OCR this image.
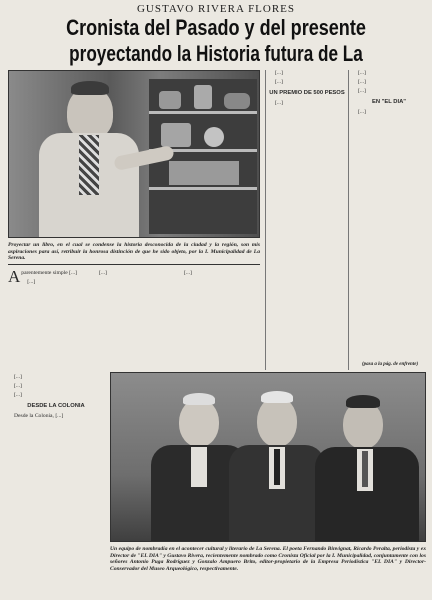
GUSTAVO RIVERA FLORES
Cronista del Pasado y del presente
proyectando la Historia futura de La
Proyectar un libro, en el cual se condense la historia desconocida de la ciudad y la región, son mis aspiraciones para así, retribuir la honrosa distinción de que he sido objeto, por la I. Municipalidad de La Serena.

[...]

[...]

UN PREMIO DE 500 PESOS

[...]

[...]

[...]

[...]

EN "EL DIA"

[...]

(pasa a la pág. de enfrente)

Aparentemente simple [...]

[...]

[...]	[...]

[...]

[...]

[...]

DESDE LA COLONIA

Desde la Colonia, [...]

Un equipo de nombradía en el acontecer cultural y literario de La Serena. El poeta Fernando Binvignat, Ricardo Peralta, periodista y ex Director de "EL DIA" y Gustavo Rivera, recientemente nombrado como Cronista Oficial por la I. Municipalidad, conjuntamente con los señores Antonio Puga Rodríguez y Gonzalo Ampuero Brito, editor-propietario de la Empresa Periodística "EL DIA" y Director-Conservador del Museo Arqueológico, respectivamente.
